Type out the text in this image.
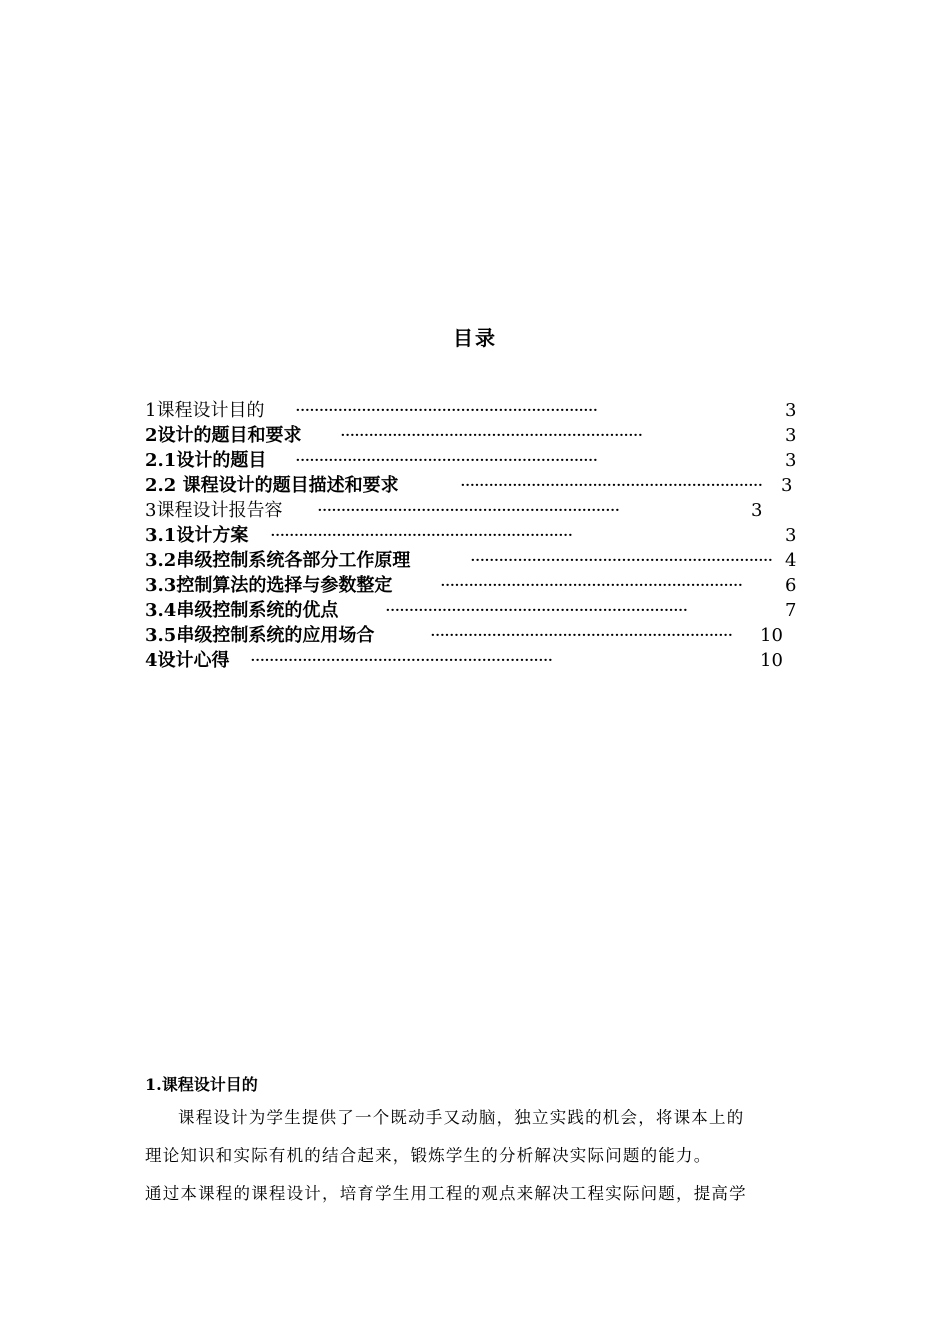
目录
1课程设计目的 ································································	3
2设计的题目和要求 ································································	3
2.1设计的题目 ································································	3
2.2 课程设计的题目描述和要求	································································ 3
3课程设计报告容 ································································	3
3.1设计方案 ································································	3
3.2串级控制系统各部分工作原理	································································ 4
3.3控制算法的选择与参数整定	································································	6
3.4串级控制系统的优点	································································	7
3.5串级控制系统的应用场合	································································	10
4设计心得 ································································	10
1.课程设计目的
课程设计为学生提供了一个既动手又动脑，独立实践的机会，将课本上的
理论知识和实际有机的结合起来，锻炼学生的分析解决实际问题的能力。
通过本课程的课程设计，培育学生用工程的观点来解决工程实际问题，提高学
